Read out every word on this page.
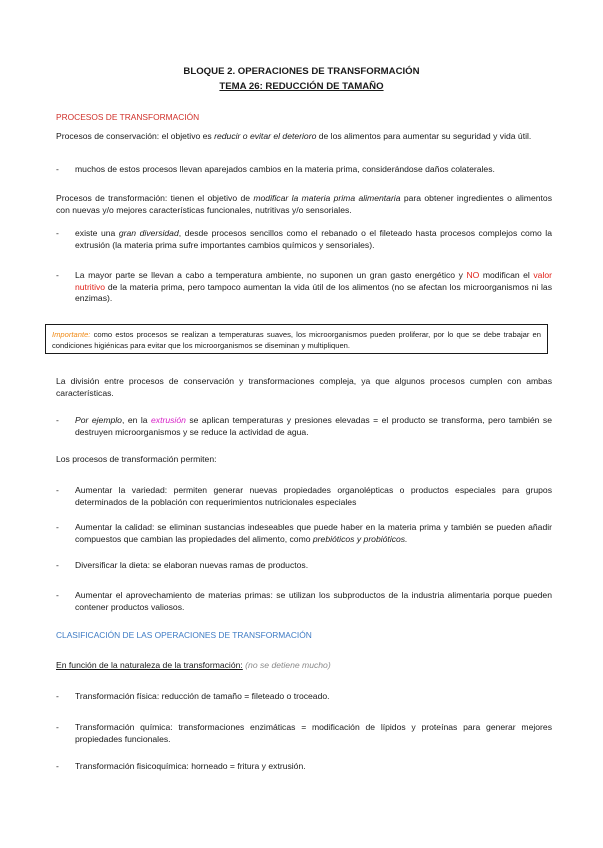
BLOQUE 2. OPERACIONES DE TRANSFORMACIÓN
TEMA 26: REDUCCIÓN DE TAMAÑO
PROCESOS DE TRANSFORMACIÓN

Procesos de conservación: el objetivo es reducir o evitar el deterioro de los alimentos para aumentar su seguridad y vida útil.

- muchos de estos procesos llevan aparejados cambios en la materia prima, considerándose daños colaterales.

Procesos de transformación: tienen el objetivo de modificar la materia prima alimentaria para obtener ingredientes o alimentos con nuevas y/o mejores características funcionales, nutritivas y/o sensoriales.

- existe una gran diversidad, desde procesos sencillos como el rebanado o el fileteado hasta procesos complejos como la extrusión (la materia prima sufre importantes cambios químicos y sensoriales).
- La mayor parte se llevan a cabo a temperatura ambiente, no suponen un gran gasto energético y NO modifican el valor nutritivo de la materia prima, pero tampoco aumentan la vida útil de los alimentos (no se afectan los microorganismos ni las enzimas).
Importante: como estos procesos se realizan a temperaturas suaves, los microorganismos pueden proliferar, por lo que se debe trabajar en condiciones higiénicas para evitar que los microorganismos se diseminan y multipliquen.

La división entre procesos de conservación y transformaciones compleja, ya que algunos procesos cumplen con ambas características.

- Por ejemplo, en la extrusión se aplican temperaturas y presiones elevadas = el producto se transforma, pero también se destruyen microorganismos y se reduce la actividad de agua.

Los procesos de transformación permiten:

- Aumentar la variedad: permiten generar nuevas propiedades organolépticas o productos especiales para grupos determinados de la población con requerimientos nutricionales especiales
- Aumentar la calidad: se eliminan sustancias indeseables que puede haber en la materia prima y también se pueden añadir compuestos que cambian las propiedades del alimento, como prebióticos y probióticos.
- Diversificar la dieta: se elaboran nuevas ramas de productos.
- Aumentar el aprovechamiento de materias primas: se utilizan los subproductos de la industria alimentaria porque pueden contener productos valiosos.
CLASIFICACIÓN DE LAS OPERACIONES DE TRANSFORMACIÓN

En función de la naturaleza de la transformación: (no se detiene mucho)

- Transformación física: reducción de tamaño = fileteado o troceado.
- Transformación química: transformaciones enzimáticas = modificación de lípidos y proteínas para generar mejores propiedades funcionales.
- Transformación fisicoquímica: horneado = fritura y extrusión.
